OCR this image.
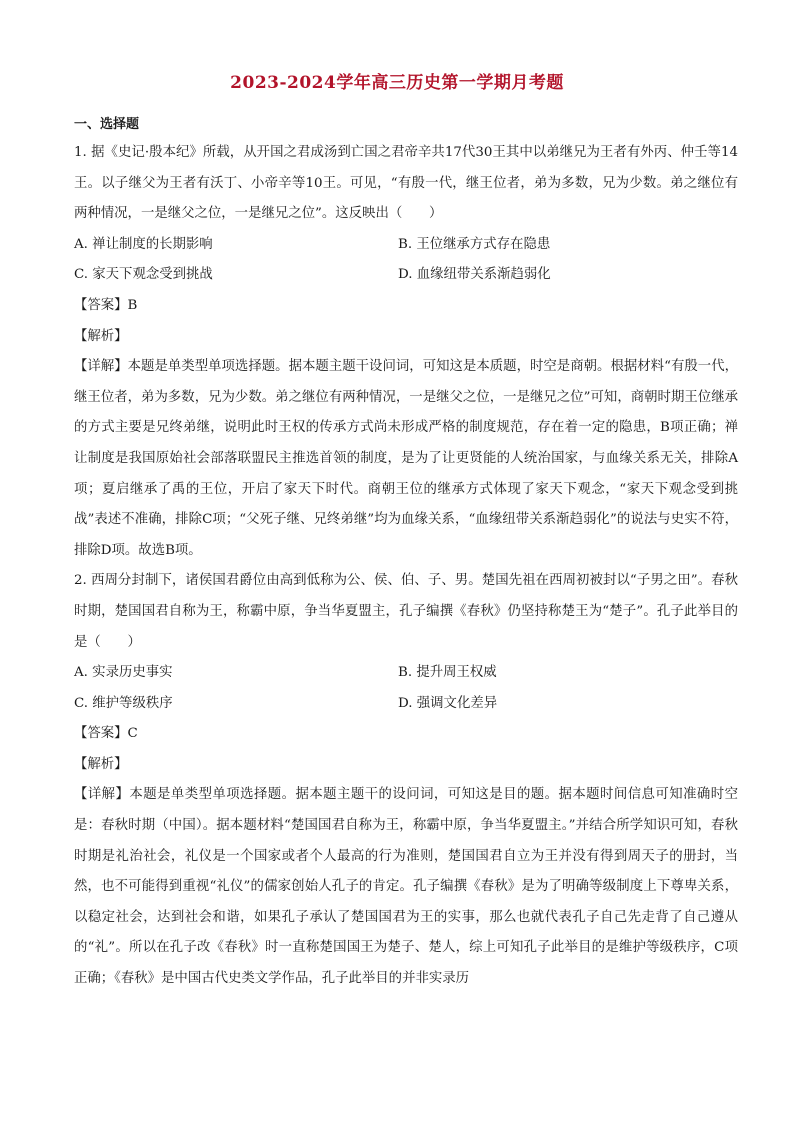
2023-2024学年高三历史第一学期月考题
一、选择题

1. 据《史记·殷本纪》所载，从开国之君成汤到亡国之君帝辛共17代30王其中以弟继兄为王者有外丙、仲壬等14王。以子继父为王者有沃丁、小帝辛等10王。可见，“有殷一代，继王位者，弟为多数，兄为少数。弟之继位有两种情况，一是继父之位，一是继兄之位”。这反映出（　　）

A. 禅让制度的长期影响	B. 王位继承方式存在隐患
C. 家天下观念受到挑战	D. 血缘纽带关系渐趋弱化

【答案】B

【解析】

【详解】本题是单类型单项选择题。据本题主题干设问词，可知这是本质题，时空是商朝。根据材料“有殷一代，继王位者，弟为多数，兄为少数。弟之继位有两种情况，一是继父之位，一是继兄之位”可知，商朝时期王位继承的方式主要是兄终弟继，说明此时王权的传承方式尚未形成严格的制度规范，存在着一定的隐患，B项正确；禅让制度是我国原始社会部落联盟民主推选首领的制度，是为了让更贤能的人统治国家，与血缘关系无关，排除A项；夏启继承了禹的王位，开启了家天下时代。商朝王位的继承方式体现了家天下观念，“家天下观念受到挑战”表述不准确，排除C项；“父死子继、兄终弟继”均为血缘关系，“血缘纽带关系渐趋弱化”的说法与史实不符，排除D项。故选B项。

2. 西周分封制下，诸侯国君爵位由高到低称为公、侯、伯、子、男。楚国先祖在西周初被封以“子男之田”。春秋时期，楚国国君自称为王，称霸中原，争当华夏盟主，孔子编撰《春秋》仍坚持称楚王为“楚子”。孔子此举目的是（　　）

A. 实录历史事实	B. 提升周王权威
C. 维护等级秩序	D. 强调文化差异

【答案】C

【解析】

【详解】本题是单类型单项选择题。据本题主题干的设问词，可知这是目的题。据本题时间信息可知准确时空是：春秋时期（中国）。据本题材料“楚国国君自称为王，称霸中原，争当华夏盟主。”并结合所学知识可知，春秋时期是礼治社会，礼仪是一个国家或者个人最高的行为准则，楚国国君自立为王并没有得到周天子的册封，当然，也不可能得到重视“礼仪”的儒家创始人孔子的肯定。孔子编撰《春秋》是为了明确等级制度上下尊卑关系，以稳定社会，达到社会和谐，如果孔子承认了楚国国君为王的实事，那么也就代表孔子自己先走背了自己遵从的“礼”。所以在孔子改《春秋》时一直称楚国国王为楚子、楚人，综上可知孔子此举目的是维护等级秩序，C项正确；《春秋》是中国古代史类文学作品，孔子此举目的并非实录历
